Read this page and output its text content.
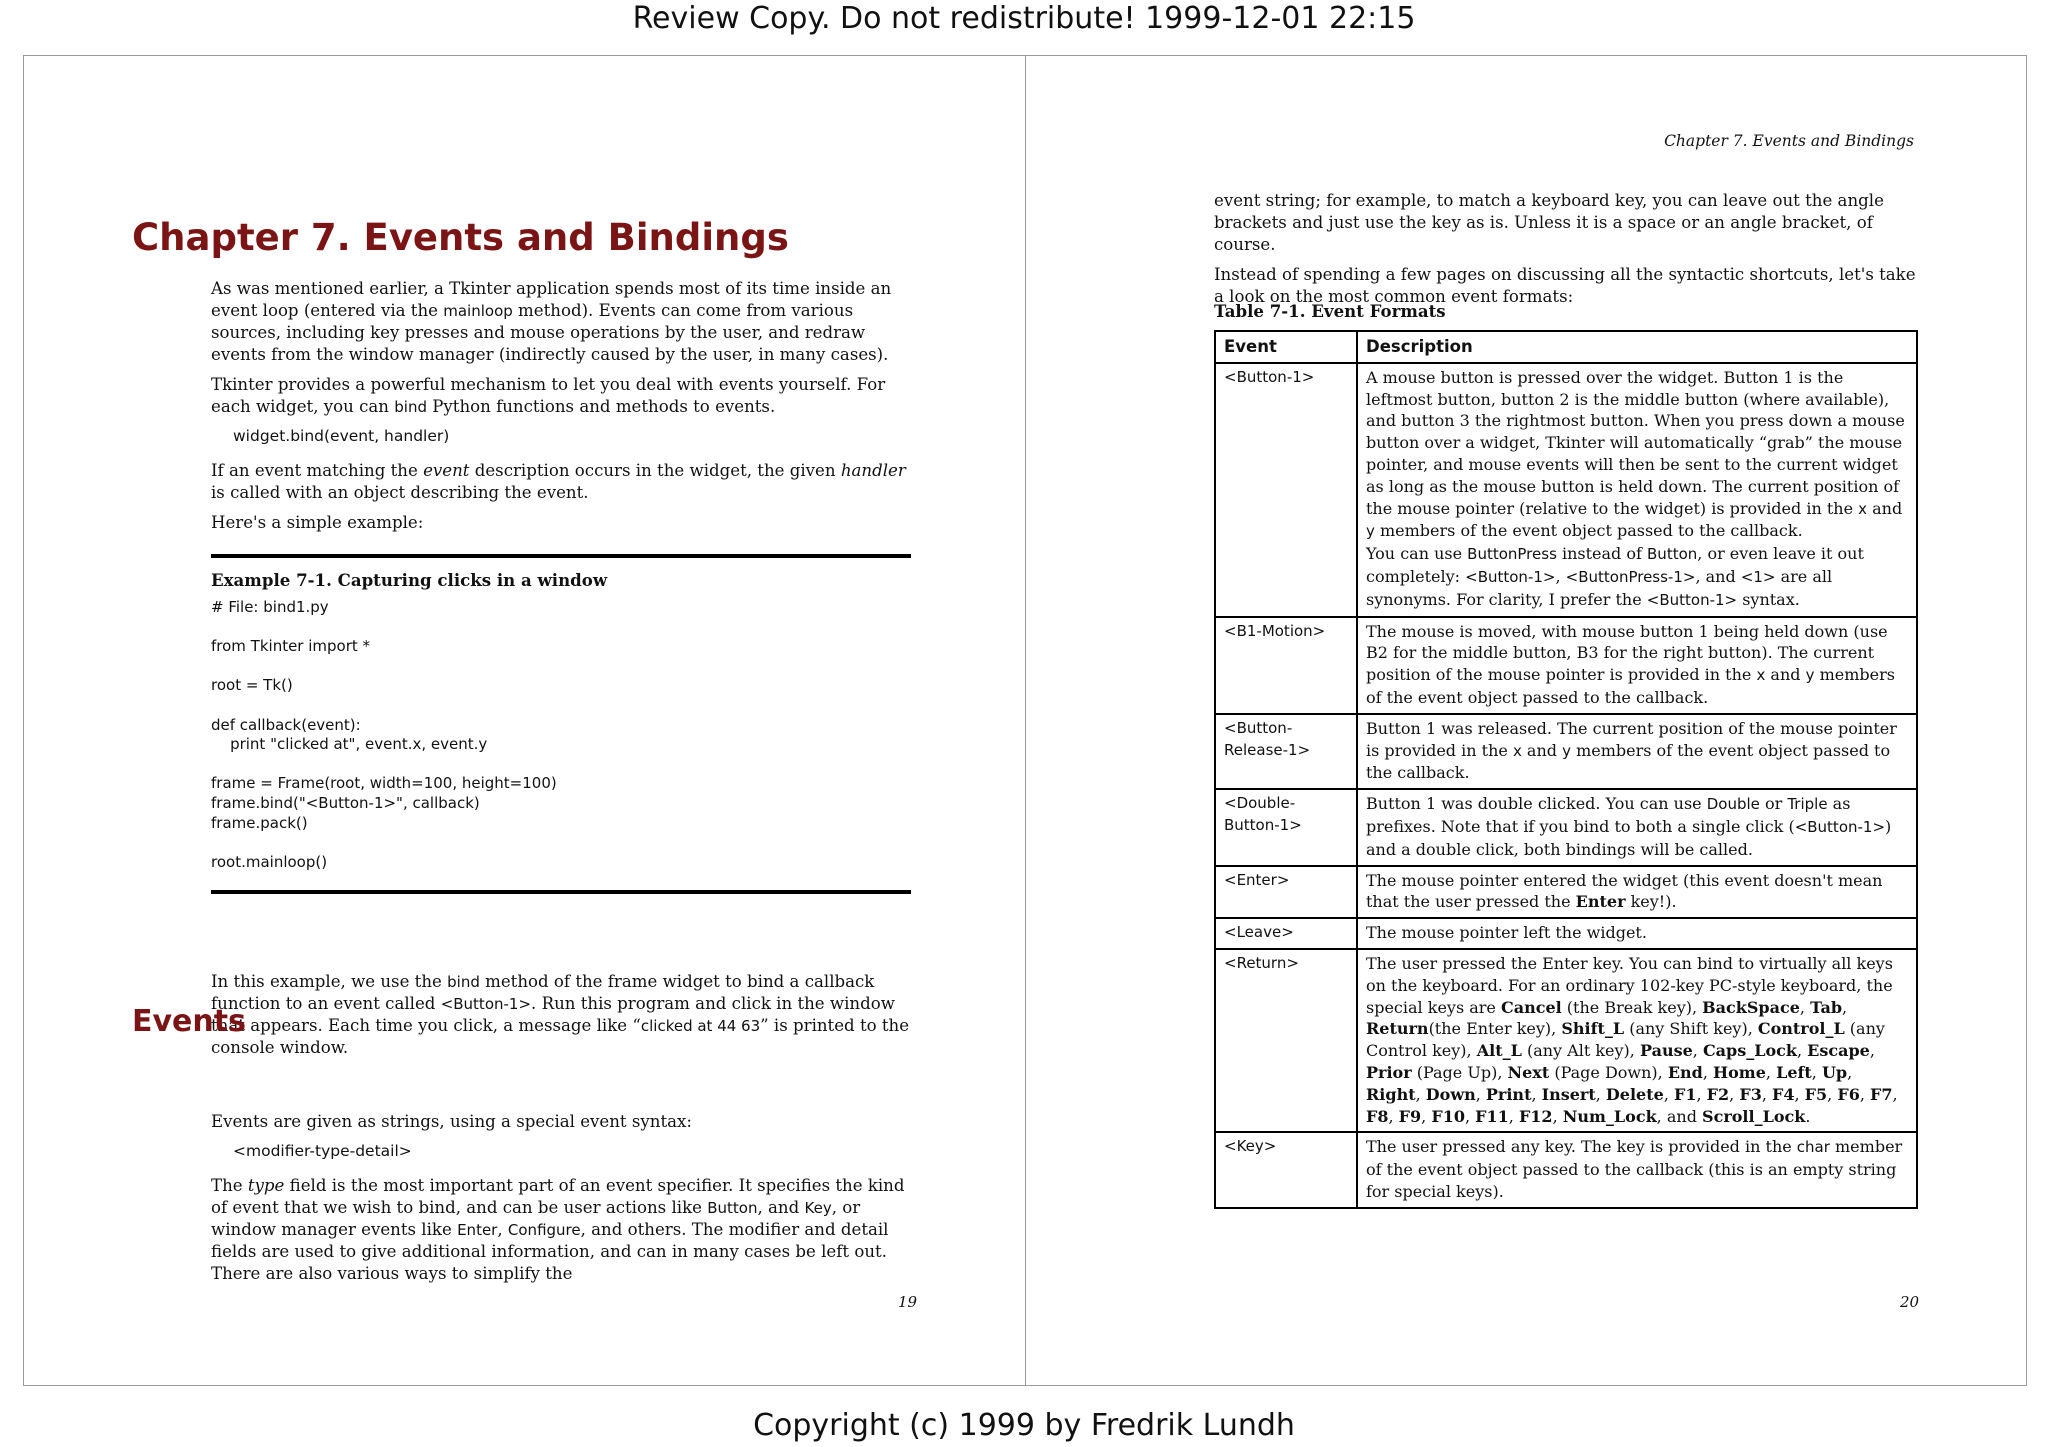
Review Copy. Do not redistribute! 1999-12-01 22:15
Chapter 7. Events and Bindings

As was mentioned earlier, a Tkinter application spends most of its time inside an event loop (entered via the mainloop method). Events can come from various sources, including key presses and mouse operations by the user, and redraw events from the window manager (indirectly caused by the user, in many cases).

Tkinter provides a powerful mechanism to let you deal with events yourself. For each widget, you can bind Python functions and methods to events.

widget.bind(event, handler)

If an event matching the event description occurs in the widget, the given handler is called with an object describing the event.

Here's a simple example:

Example 7-1. Capturing clicks in a window
# File: bind1.py

from Tkinter import *

root = Tk()

def callback(event):
print "clicked at", event.x, event.y

frame = Frame(root, width=100, height=100)
frame.bind("<Button-1>", callback)
frame.pack()

root.mainloop()

In this example, we use the bind method of the frame widget to bind a callback function to an event called <Button-1>. Run this program and click in the window that appears. Each time you click, a message like “clicked at 44 63” is printed to the console window.

Events

Events are given as strings, using a special event syntax:

<modifier-type-detail>

The type field is the most important part of an event specifier. It specifies the kind of event that we wish to bind, and can be user actions like Button, and Key, or window manager events like Enter, Configure, and others. The modifier and detail fields are used to give additional information, and can in many cases be left out. There are also various ways to simplify the

19
Chapter 7. Events and Bindings

event string; for example, to match a keyboard key, you can leave out the angle brackets and just use the key as is. Unless it is a space or an angle bracket, of course.

Instead of spending a few pages on discussing all the syntactic shortcuts, let's take a look on the most common event formats:

Table 7-1. Event Formats
Event	Description
<Button-1>	A mouse button is pressed over the widget. Button 1 is the leftmost button, button 2 is the middle button (where available), and button 3 the rightmost button. When you press down a mouse button over a widget, Tkinter will automatically “grab” the mouse pointer, and mouse events will then be sent to the current widget as long as the mouse button is held down. The current position of the mouse pointer (relative to the widget) is provided in the x and y members of the event object passed to the callback.
You can use ButtonPress instead of Button, or even leave it out completely: <Button-1>, <ButtonPress-1>, and <1> are all synonyms. For clarity, I prefer the <Button-1> syntax.
<B1-Motion>	The mouse is moved, with mouse button 1 being held down (use B2 for the middle button, B3 for the right button). The current position of the mouse pointer is provided in the x and y members of the event object passed to the callback.
<Button-Release-1>	Button 1 was released. The current position of the mouse pointer is provided in the x and y members of the event object passed to the callback.
<Double-Button-1>	Button 1 was double clicked. You can use Double or Triple as prefixes. Note that if you bind to both a single click (<Button-1>) and a double click, both bindings will be called.
<Enter>	The mouse pointer entered the widget (this event doesn't mean that the user pressed the Enter key!).
<Leave>	The mouse pointer left the widget.
<Return>	The user pressed the Enter key. You can bind to virtually all keys on the keyboard. For an ordinary 102-key PC-style keyboard, the special keys are Cancel (the Break key), BackSpace, Tab, Return(the Enter key), Shift_L (any Shift key), Control_L (any Control key), Alt_L (any Alt key), Pause, Caps_Lock, Escape, Prior (Page Up), Next (Page Down), End, Home, Left, Up, Right, Down, Print, Insert, Delete, F1, F2, F3, F4, F5, F6, F7, F8, F9, F10, F11, F12, Num_Lock, and Scroll_Lock.
<Key>	The user pressed any key. The key is provided in the char member of the event object passed to the callback (this is an empty string for special keys).
20
Copyright (c) 1999 by Fredrik Lundh
